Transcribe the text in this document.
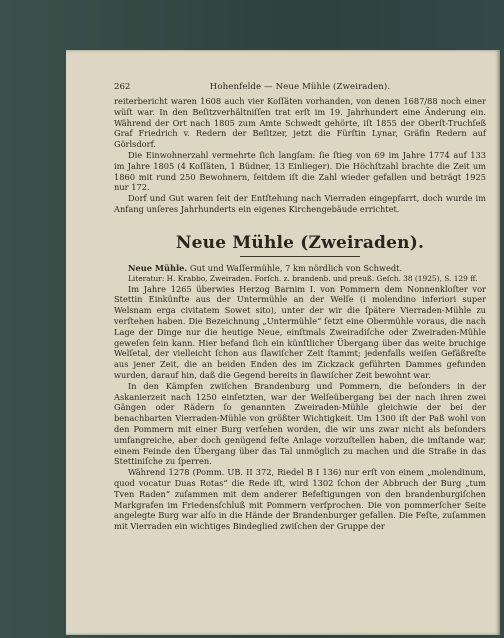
262	Hohenfelde — Neue Mühle (Zweiraden).

reiterbericht waren 1608 auch vier Koſſäten vorhanden, von denen 1687/88 noch einer wüſt war. In den Beſitzverhältniſſen trat erſt im 19. Jahrhundert eine Änderung ein. Während der Ort nach 1805 zum Amte Schwedt gehörte, iſt 1855 der Oberſt-Truchſeß Graf Friedrich v. Redern der Beſitzer, jetzt die Fürſtin Lynar, Gräfin Redern auf Görlsdorf.

Die Einwohnerzahl vermehrte ſich langſam: ſie ſtieg von 69 im Jahre 1774 auf 133 im Jahre 1805 (4 Koſſäten, 1 Büdner, 13 Einlieger). Die Höchſtzahl brachte die Zeit um 1860 mit rund 250 Bewohnern, ſeitdem iſt die Zahl wieder gefallen und beträgt 1925 nur 172.

Dorf und Gut waren ſeit der Entſtehung nach Vierraden eingepfarrt, doch wurde im Anfang unſeres Jahrhunderts ein eigenes Kirchengebäude errichtet.

Neue Mühle (Zweiraden).

Neue Mühle. Gut und Waſſermühle, 7 km nördlich von Schwedt.

Literatur: H. Krabbo, Zweiraden. Forſch. z. brandenb. und preuß. Geſch. 38 (1925), S. 129 ff.

Im Jahre 1265 überwies Herzog Barnim I. von Pommern dem Nonnenkloſter vor Stettin Einkünfte aus der Untermühle an der Welſe (i molendino inferiori super Welsnam erga civitatem Sowet sito), unter der wir die ſpätere Vierraden-Mühle zu verſtehen haben. Die Bezeichnung „Untermühle“ ſetzt eine Obermühle voraus, die nach Lage der Dinge nur die heutige Neue, einſtmals Zweiradiſche oder Zweiraden-Mühle geweſen ſein kann. Hier befand ſich ein künſtlicher Übergang über das weite bruchige Welſetal, der vielleicht ſchon aus ſlawiſcher Zeit ſtammt; jedenfalls weiſen Gefäßreſte aus jener Zeit, die an beiden Enden des im Zickzack geführten Dammes gefunden wurden, darauf hin, daß die Gegend bereits in ſlawiſcher Zeit bewohnt war.

In den Kämpfen zwiſchen Brandenburg und Pommern, die beſonders in der Askanierzeit nach 1250 einſetzten, war der Welſeübergang bei der nach ihren zwei Gängen oder Rädern ſo genannten Zweiraden-Mühle gleichwie der bei der benachbarten Vierraden-Mühle von größter Wichtigkeit. Um 1300 iſt der Paß wohl von den Pommern mit einer Burg verſehen worden, die wir uns zwar nicht als beſonders umfangreiche, aber doch genügend feſte Anlage vorzuſtellen haben, die imſtande war, einem Feinde den Übergang über das Tal unmöglich zu machen und die Straße in das Stettiniſche zu ſperren.

Während 1278 (Pomm. UB. II 372, Riedel B I 136) nur erſt von einem „molendinum, quod vocatur Duas Rotas“ die Rede iſt, wird 1302 ſchon der Abbruch der Burg „tum Tven Raden“ zuſammen mit dem anderer Befeſtigungen von den brandenburgiſchen Markgrafen im Friedensſchluß mit Pommern verſprochen. Die von pommerſcher Seite angelegte Burg war alſo in die Hände der Brandenburger gefallen. Die Feſte, zuſammen mit Vierraden ein wichtiges Bindeglied zwiſchen der Gruppe der
